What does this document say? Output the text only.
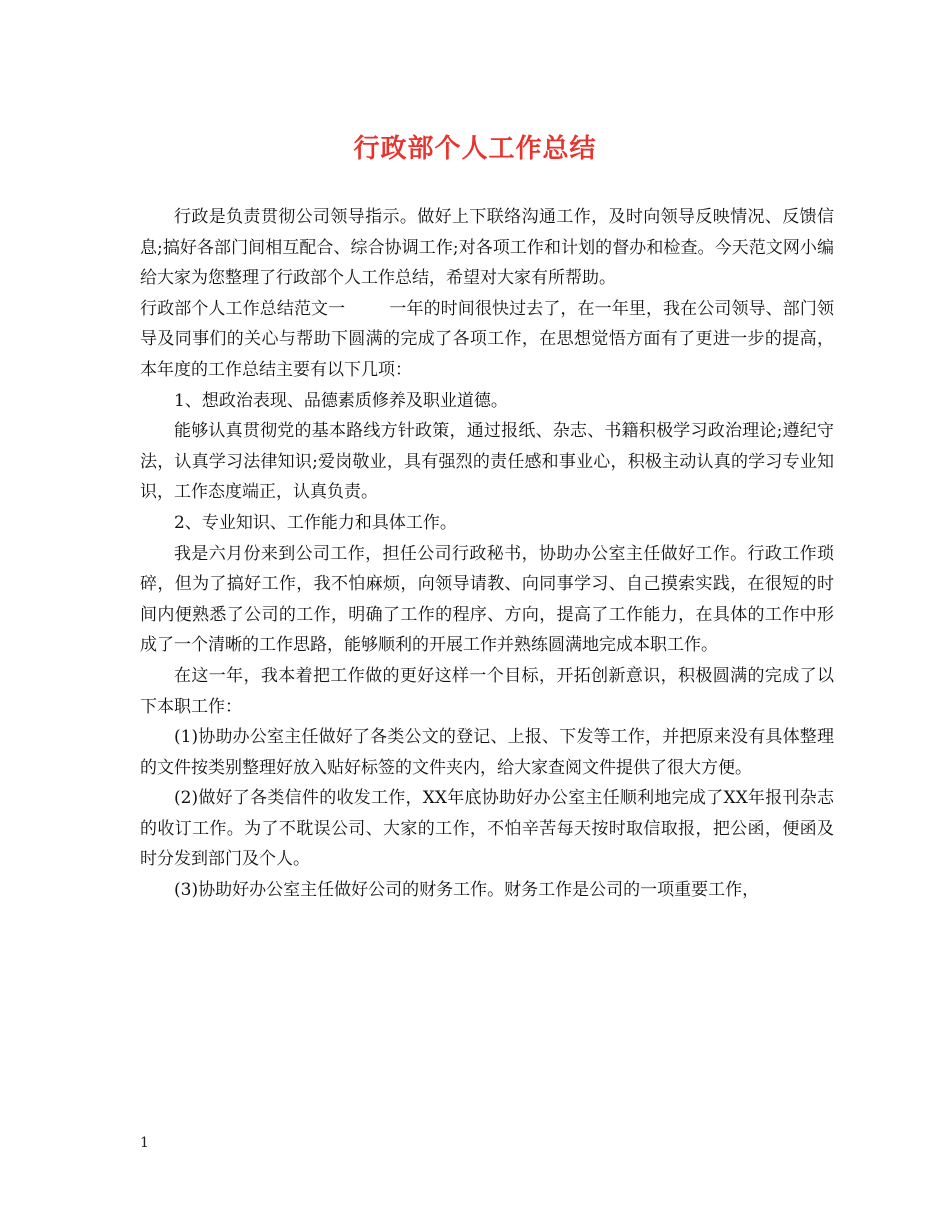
行政部个人工作总结

行政是负责贯彻公司领导指示。做好上下联络沟通工作，及时向领导反映情况、反馈信息;搞好各部门间相互配合、综合协调工作;对各项工作和计划的督办和检查。今天范文网小编给大家为您整理了行政部个人工作总结，希望对大家有所帮助。

行政部个人工作总结范文一	一年的时间很快过去了，在一年里，我在公司领导、部门领导及同事们的关心与帮助下圆满的完成了各项工作，在思想觉悟方面有了更进一步的提高，本年度的工作总结主要有以下几项：

1、想政治表现、品德素质修养及职业道德。

能够认真贯彻党的基本路线方针政策，通过报纸、杂志、书籍积极学习政治理论;遵纪守法，认真学习法律知识;爱岗敬业，具有强烈的责任感和事业心，积极主动认真的学习专业知识，工作态度端正，认真负责。

2、专业知识、工作能力和具体工作。

我是六月份来到公司工作，担任公司行政秘书，协助办公室主任做好工作。行政工作琐碎，但为了搞好工作，我不怕麻烦，向领导请教、向同事学习、自己摸索实践，在很短的时间内便熟悉了公司的工作，明确了工作的程序、方向，提高了工作能力，在具体的工作中形成了一个清晰的工作思路，能够顺利的开展工作并熟练圆满地完成本职工作。

在这一年，我本着把工作做的更好这样一个目标，开拓创新意识，积极圆满的完成了以下本职工作：

(1)协助办公室主任做好了各类公文的登记、上报、下发等工作，并把原来没有具体整理的文件按类别整理好放入贴好标签的文件夹内，给大家查阅文件提供了很大方便。

(2)做好了各类信件的收发工作，XX年底协助好办公室主任顺利地完成了XX年报刊杂志的收订工作。为了不耽误公司、大家的工作，不怕辛苦每天按时取信取报，把公函，便函及时分发到部门及个人。

(3)协助好办公室主任做好公司的财务工作。财务工作是公司的一项重要工作，

1
